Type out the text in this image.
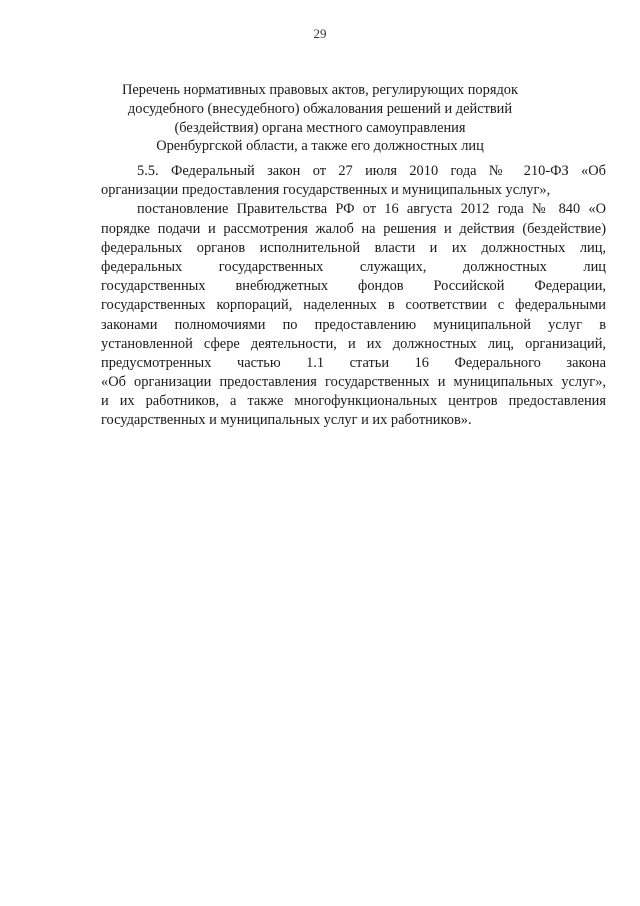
29
Перечень нормативных правовых актов, регулирующих порядок
досудебного (внесудебного) обжалования решений и действий
(бездействия) органа местного самоуправления
Оренбургской области, а также его должностных лиц
5.5. Федеральный закон от 27 июля 2010 года № 210-ФЗ «Об
организации предоставления государственных и муниципальных услуг»,
постановление Правительства РФ от 16 августа 2012 года № 840 «О
порядке подачи и рассмотрения жалоб на решения и действия (бездействие)
федеральных органов исполнительной власти и их должностных лиц,
федеральных государственных служащих, должностных лиц
государственных внебюджетных фондов Российской Федерации,
государственных корпораций, наделенных в соответствии с федеральными
законами полномочиями по предоставлению муниципальной услуг в
установленной сфере деятельности, и их должностных лиц, организаций,
предусмотренных частью 1.1 статьи 16 Федерального закона
«Об организации предоставления государственных и муниципальных услуг»,
и их работников, а также многофункциональных центров предоставления
государственных и муниципальных услуг и их работников».
